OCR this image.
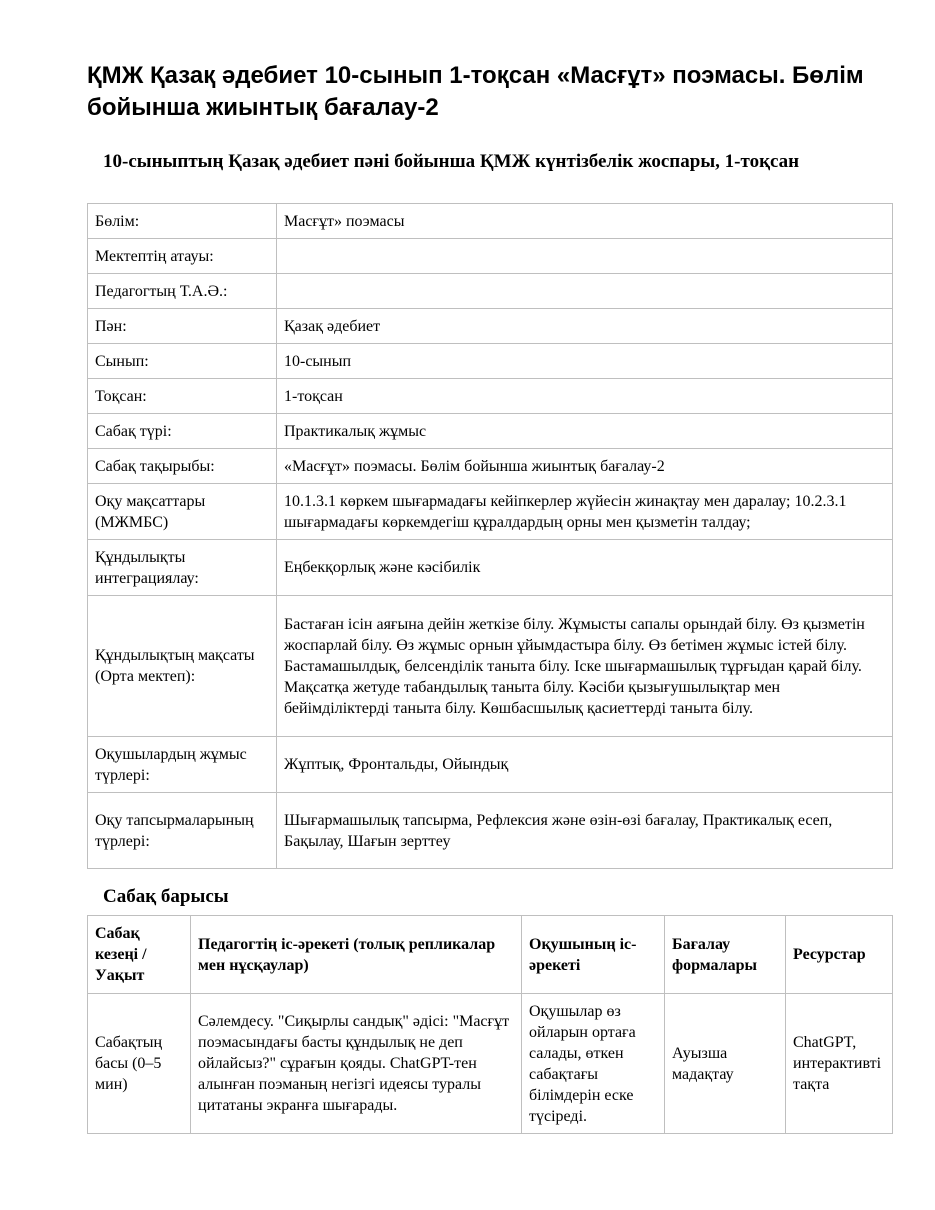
ҚМЖ Қазақ әдебиет 10-сынып 1-тоқсан «Масғұт» поэмасы. Бөлім бойынша жиынтық бағалау-2
10-сыныптың Қазақ әдебиет пәні бойынша ҚМЖ күнтізбелік жоспары, 1-тоқсан
Бөлім:	Масғұт» поэмасы
Мектептің атауы:	
Педагогтың Т.А.Ә.:	
Пән:	Қазақ әдебиет
Сынып:	10-сынып
Тоқсан:	1-тоқсан
Сабақ түрі:	Практикалық жұмыс
Сабақ тақырыбы:	«Масғұт» поэмасы. Бөлім бойынша жиынтық бағалау-2
Оқу мақсаттары (МЖМБС)	10.1.3.1 көркем шығармадағы кейіпкерлер жүйесін жинақтау мен даралау; 10.2.3.1 шығармадағы көркемдегіш құралдардың орны мен қызметін талдау;
Құндылықты интеграциялау:	Еңбекқорлық және кәсібилік
Құндылықтың мақсаты (Орта мектеп):	Бастаған ісін аяғына дейін жеткізе білу. Жұмысты сапалы орындай білу. Өз қызметін жоспарлай білу. Өз жұмыс орнын ұйымдастыра білу. Өз бетімен жұмыс істей білу. Бастамашылдық, белсенділік таныта білу. Іске шығармашылық тұрғыдан қарай білу. Мақсатқа жетуде табандылық таныта білу. Кәсіби қызығушылықтар мен бейімділіктерді таныта білу. Көшбасшылық қасиеттерді таныта білу.
Оқушылардың жұмыс түрлері:	Жұптық, Фронтальды, Ойындық
Оқу тапсырмаларының түрлері:	Шығармашылық тапсырма, Рефлексия және өзін-өзі бағалау, Практикалық есеп, Бақылау, Шағын зерттеу
Сабақ барысы
Сабақ кезеңі / Уақыт	Педагогтің іс-әрекеті (толық репликалар мен нұсқаулар)	Оқушының іс-әрекеті	Бағалау формалары	Ресурстар
Сабақтың басы (0–5 мин)	Сәлемдесу. "Сиқырлы сандық" әдісі: "Масғұт поэмасындағы басты құндылық не деп ойлайсыз?" сұрағын қояды. ChatGPT-тен алынған поэманың негізгі идеясы туралы цитатаны экранға шығарады.	Оқушылар өз ойларын ортаға салады, өткен сабақтағы білімдерін еске түсіреді.	Ауызша мадақтау	ChatGPT, интерактивті тақта
